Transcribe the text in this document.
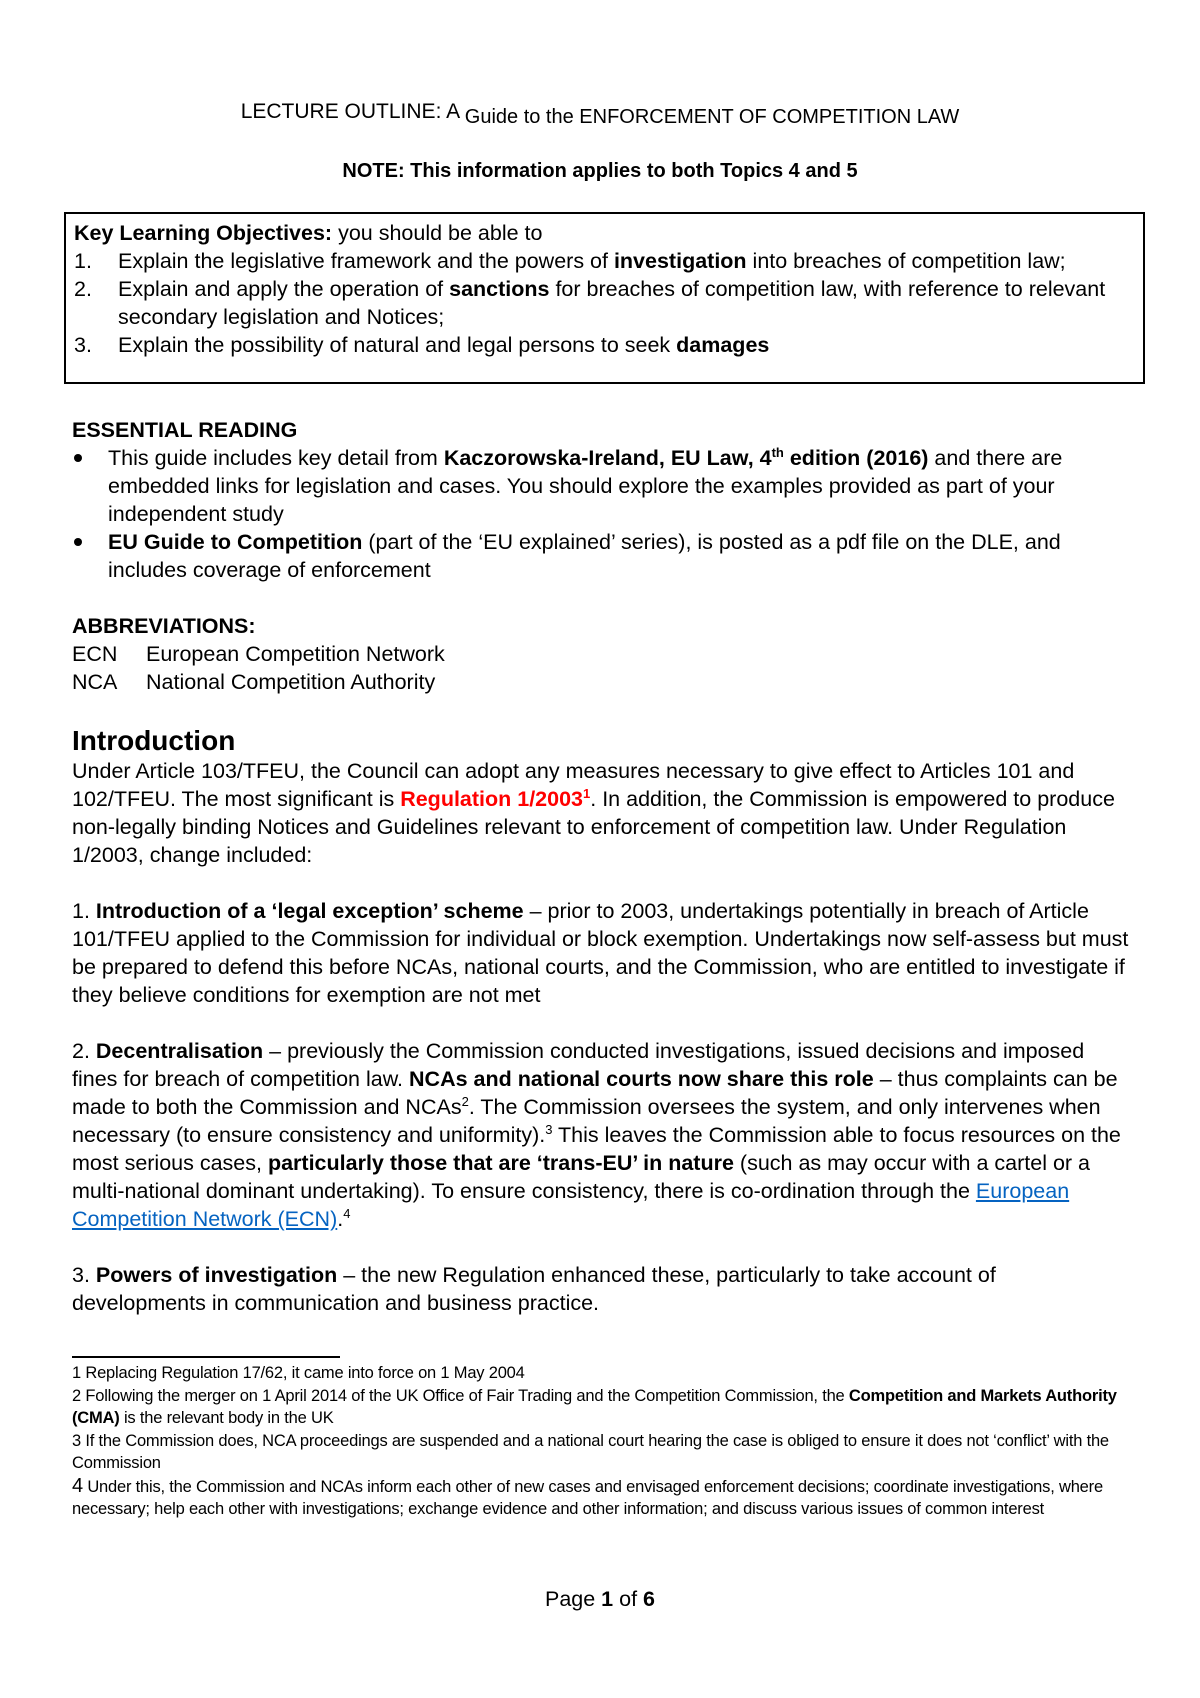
LECTURE OUTLINE: A Guide to the ENFORCEMENT OF COMPETITION LAW
NOTE: This information applies to both Topics 4 and 5
Key Learning Objectives: you should be able to
1.	Explain the legislative framework and the powers of investigation into breaches of competition law;
2.	Explain and apply the operation of sanctions for breaches of competition law, with reference to relevant secondary legislation and Notices;
3.	Explain the possibility of natural and legal persons to seek damages
ESSENTIAL READING
This guide includes key detail from Kaczorowska-Ireland, EU Law, 4th edition (2016) and there are embedded links for legislation and cases. You should explore the examples provided as part of your independent study
EU Guide to Competition (part of the ‘EU explained’ series), is posted as a pdf file on the DLE, and includes coverage of enforcement
ABBREVIATIONS:
ECN	European Competition Network
NCA	National Competition Authority
Introduction

Under Article 103/TFEU, the Council can adopt any measures necessary to give effect to Articles 101 and 102/TFEU. The most significant is Regulation 1/2003$^1$. In addition, the Commission is empowered to produce non-legally binding Notices and Guidelines relevant to enforcement of competition law. Under Regulation 1/2003, change included:

1. Introduction of a ‘legal exception’ scheme – prior to 2003, undertakings potentially in breach of Article 101/TFEU applied to the Commission for individual or block exemption. Undertakings now self-assess but must be prepared to defend this before NCAs, national courts, and the Commission, who are entitled to investigate if they believe conditions for exemption are not met

2. Decentralisation – previously the Commission conducted investigations, issued decisions and imposed fines for breach of competition law. NCAs and national courts now share this role – thus complaints can be made to both the Commission and NCAs$^2$. The Commission oversees the system, and only intervenes when necessary (to ensure consistency and uniformity).$^3$ This leaves the Commission able to focus resources on the most serious cases, particularly those that are ‘trans-EU’ in nature (such as may occur with a cartel or a multi-national dominant undertaking). To ensure consistency, there is co-ordination through the European Competition Network (ECN).$^4$

3. Powers of investigation – the new Regulation enhanced these, particularly to take account of developments in communication and business practice.

1 Replacing Regulation 17/62, it came into force on 1 May 2004
2 Following the merger on 1 April 2014 of the UK Office of Fair Trading and the Competition Commission, the Competition and Markets Authority (CMA) is the relevant body in the UK
3 If the Commission does, NCA proceedings are suspended and a national court hearing the case is obliged to ensure it does not ‘conflict’ with the Commission
4 Under this, the Commission and NCAs inform each other of new cases and envisaged enforcement decisions; coordinate investigations, where necessary; help each other with investigations; exchange evidence and other information; and discuss various issues of common interest
Page 1 of 6
